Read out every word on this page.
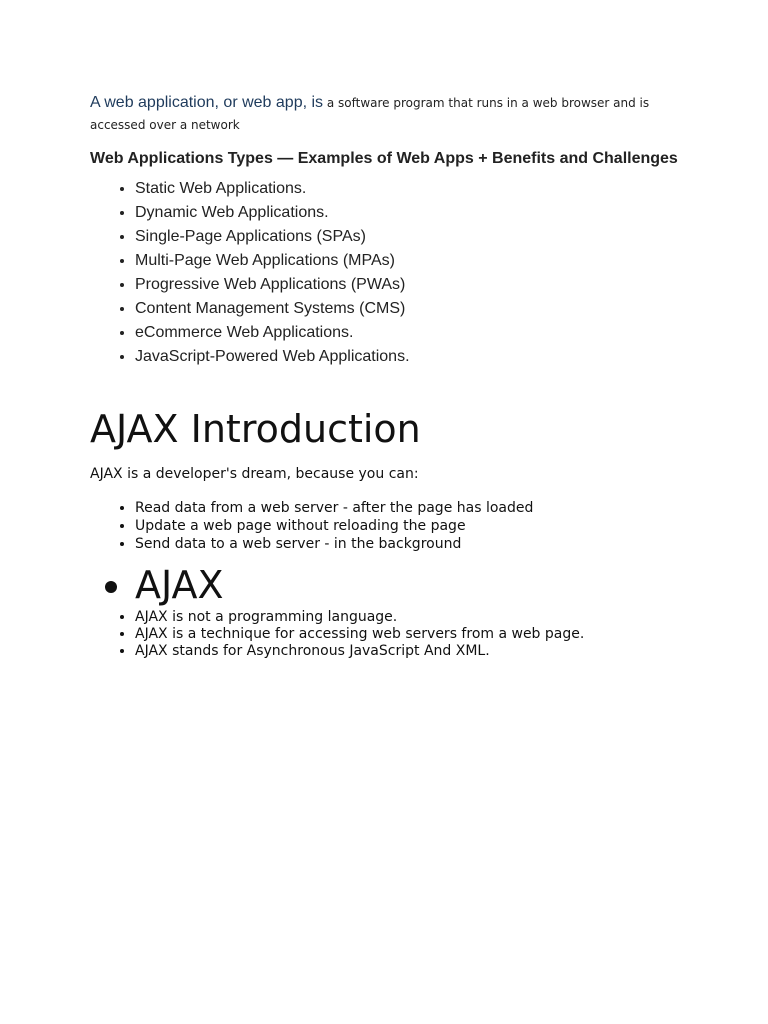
A web application, or web app, is a software program that runs in a web browser and is accessed over a network

Web Applications Types — Examples of Web Apps + Benefits and Challenges
• Static Web Applications.
• Dynamic Web Applications.
• Single-Page Applications (SPAs)
• Multi-Page Web Applications (MPAs)
• Progressive Web Applications (PWAs)
• Content Management Systems (CMS)
• eCommerce Web Applications.
• JavaScript-Powered Web Applications.
AJAX Introduction

AJAX is a developer's dream, because you can:

• Read data from a web server - after the page has loaded
• Update a web page without reloading the page
• Send data to a web server - in the background
• AJAX
• AJAX is not a programming language.
• AJAX is a technique for accessing web servers from a web page.
• AJAX stands for Asynchronous JavaScript And XML.
